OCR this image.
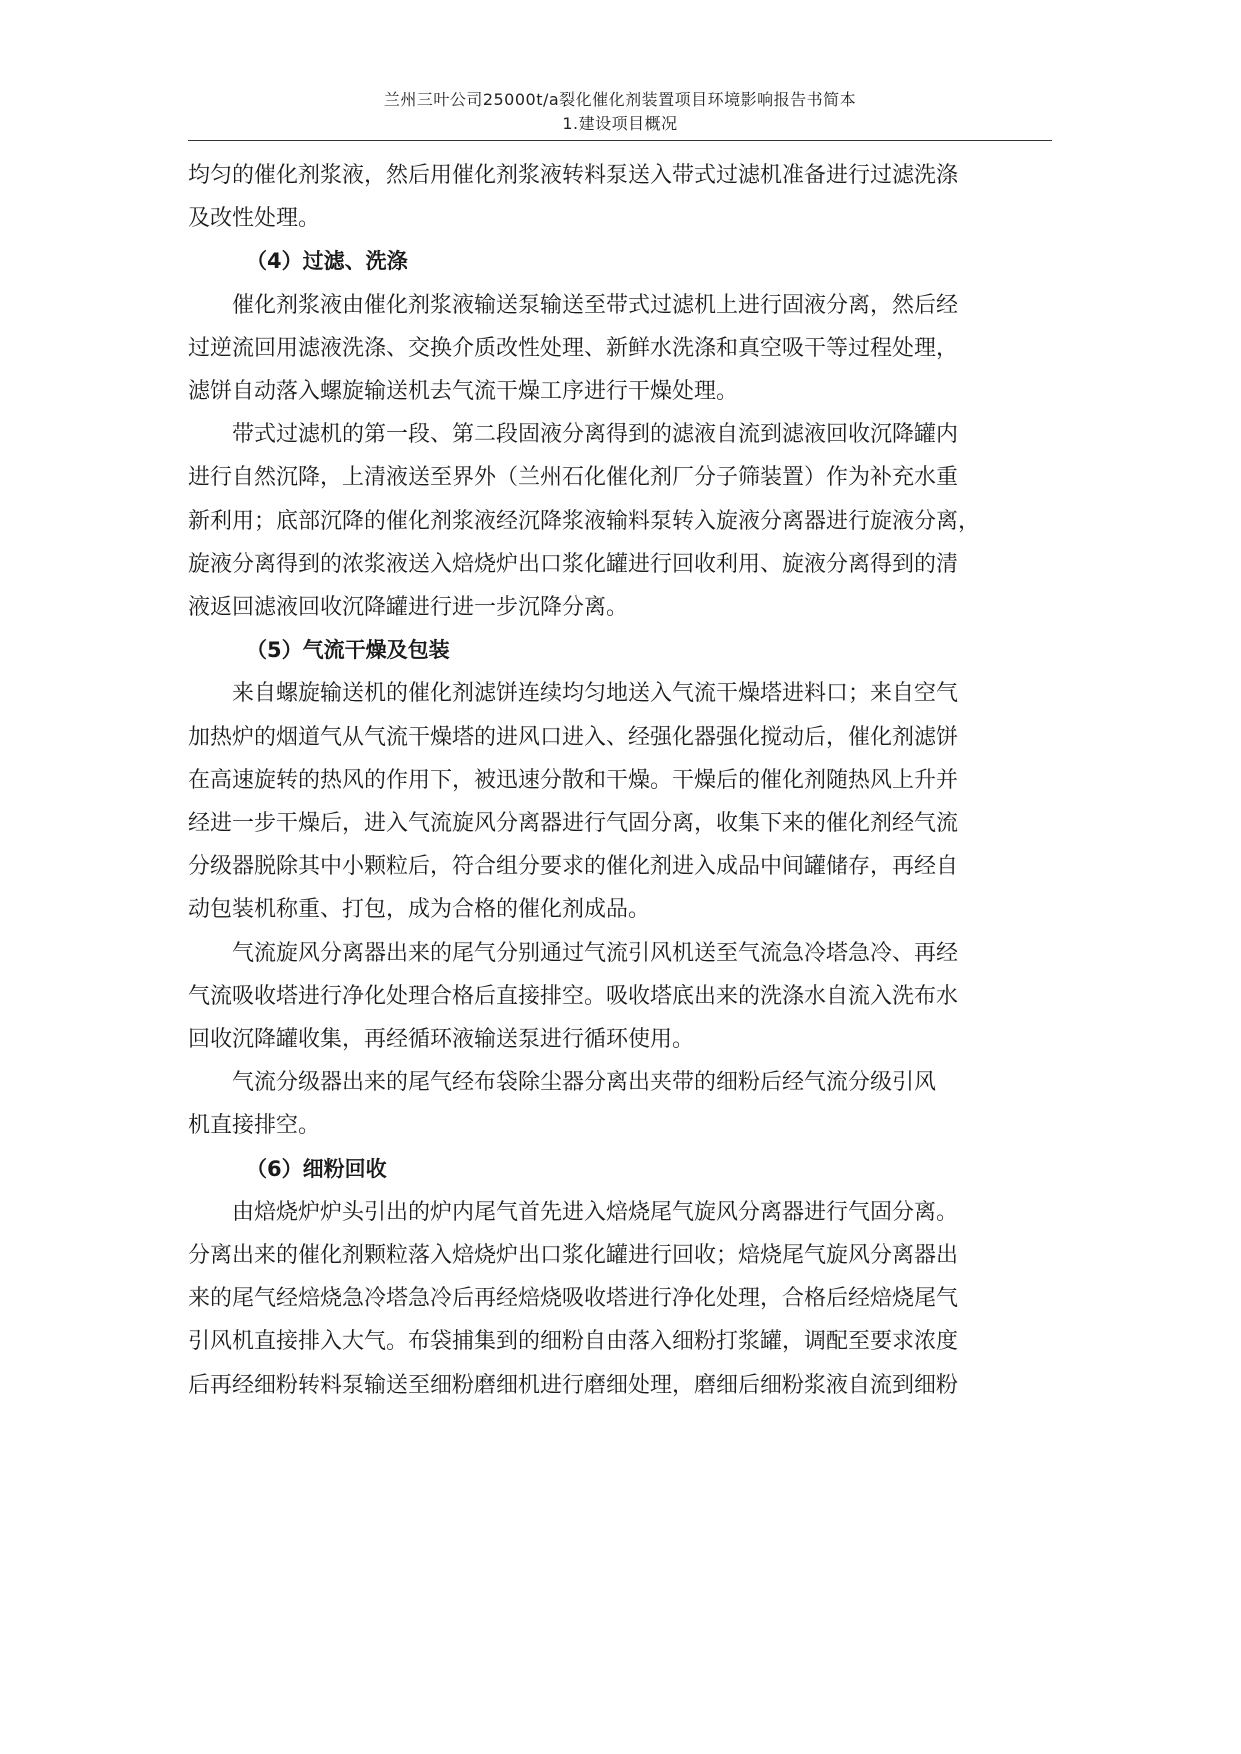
兰州三叶公司25000t/a裂化催化剂装置项目环境影响报告书简本
1.建设项目概况

均匀的催化剂浆液，然后用催化剂浆液转料泵送入带式过滤机准备进行过滤洗涤
及改性处理。

（4）过滤、洗涤

催化剂浆液由催化剂浆液输送泵输送至带式过滤机上进行固液分离，然后经
过逆流回用滤液洗涤、交换介质改性处理、新鲜水洗涤和真空吸干等过程处理，
滤饼自动落入螺旋输送机去气流干燥工序进行干燥处理。

带式过滤机的第一段、第二段固液分离得到的滤液自流到滤液回收沉降罐内
进行自然沉降，上清液送至界外（兰州石化催化剂厂分子筛装置）作为补充水重
新利用；底部沉降的催化剂浆液经沉降浆液输料泵转入旋液分离器进行旋液分离，
旋液分离得到的浓浆液送入焙烧炉出口浆化罐进行回收利用、旋液分离得到的清
液返回滤液回收沉降罐进行进一步沉降分离。

（5）气流干燥及包装

来自螺旋输送机的催化剂滤饼连续均匀地送入气流干燥塔进料口；来自空气
加热炉的烟道气从气流干燥塔的进风口进入、经强化器强化搅动后，催化剂滤饼
在高速旋转的热风的作用下，被迅速分散和干燥。干燥后的催化剂随热风上升并
经进一步干燥后，进入气流旋风分离器进行气固分离，收集下来的催化剂经气流
分级器脱除其中小颗粒后，符合组分要求的催化剂进入成品中间罐储存，再经自
动包装机称重、打包，成为合格的催化剂成品。

气流旋风分离器出来的尾气分别通过气流引风机送至气流急冷塔急冷、再经
气流吸收塔进行净化处理合格后直接排空。吸收塔底出来的洗涤水自流入洗布水
回收沉降罐收集，再经循环液输送泵进行循环使用。

气流分级器出来的尾气经布袋除尘器分离出夹带的细粉后经气流分级引风
机直接排空。

（6）细粉回收

由焙烧炉炉头引出的炉内尾气首先进入焙烧尾气旋风分离器进行气固分离。
分离出来的催化剂颗粒落入焙烧炉出口浆化罐进行回收；焙烧尾气旋风分离器出
来的尾气经焙烧急冷塔急冷后再经焙烧吸收塔进行净化处理，合格后经焙烧尾气
引风机直接排入大气。布袋捕集到的细粉自由落入细粉打浆罐，调配至要求浓度
后再经细粉转料泵输送至细粉磨细机进行磨细处理，磨细后细粉浆液自流到细粉
